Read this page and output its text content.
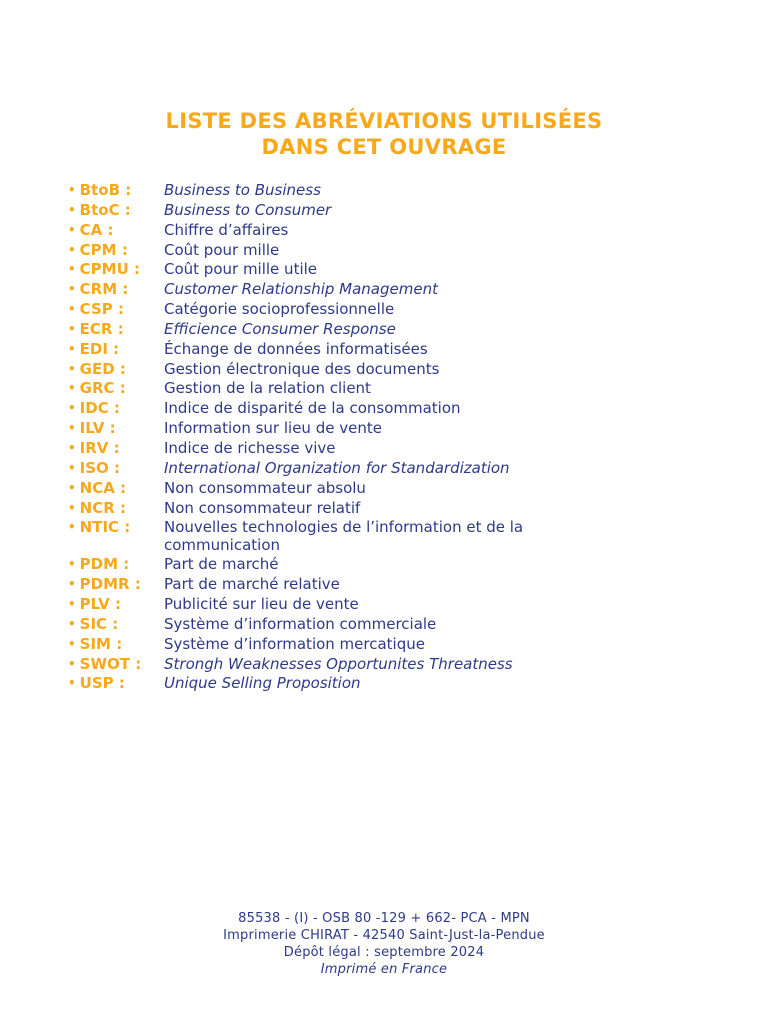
LISTE DES ABRÉVIATIONS UTILISÉES
DANS CET OUVRAGE
• BtoB :	Business to Business
• BtoC :	Business to Consumer
• CA :	Chiffre d’affaires
• CPM :	Coût pour mille
• CPMU :	Coût pour mille utile
• CRM :	Customer Relationship Management
• CSP :	Catégorie socioprofessionnelle
• ECR :	Efficience Consumer Response
• EDI :	Échange de données informatisées
• GED :	Gestion électronique des documents
• GRC :	Gestion de la relation client
• IDC :	Indice de disparité de la consommation
• ILV :	Information sur lieu de vente
• IRV :	Indice de richesse vive
• ISO :	International Organization for Standardization
• NCA :	Non consommateur absolu
• NCR :	Non consommateur relatif
• NTIC :	Nouvelles technologies de l’information et de la communication
• PDM :	Part de marché
• PDMR :	Part de marché relative
• PLV :	Publicité sur lieu de vente
• SIC :	Système d’information commerciale
• SIM :	Système d’information mercatique
• SWOT :	Strongh Weaknesses Opportunites Threatness
• USP :	Unique Selling Proposition
85538 - (I) - OSB 80 -129 + 662- PCA - MPN
Imprimerie CHIRAT - 42540 Saint-Just-la-Pendue
Dépôt légal : septembre 2024
Imprimé en France
